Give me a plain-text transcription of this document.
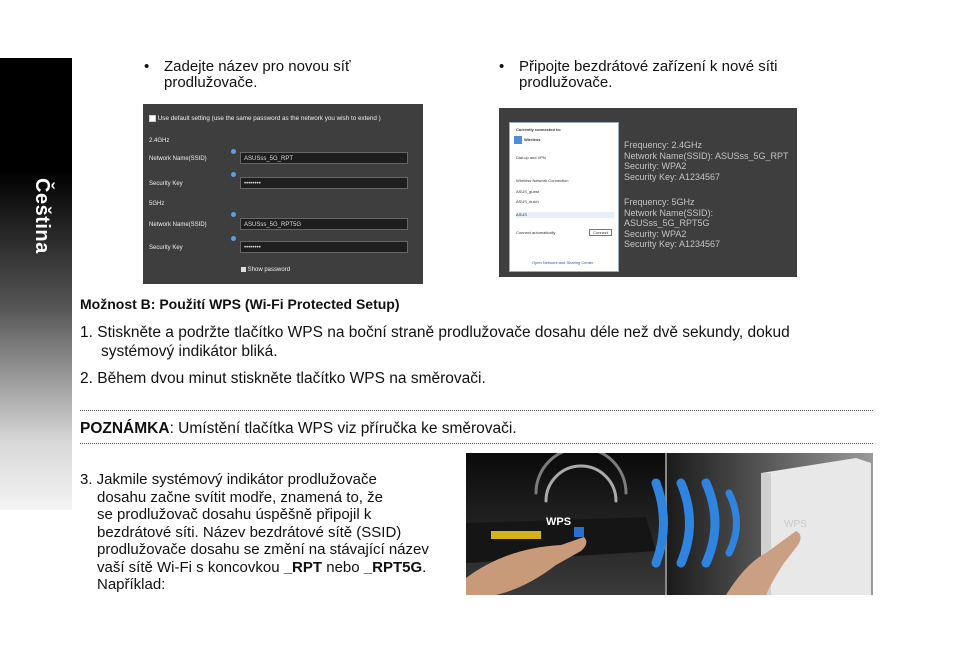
Čeština
• Zadejte název pro novou síť
prodlužovače.
• Připojte bezdrátové zařízení k nové síti
prodlužovače.
Use default setting (use the same password as the network you wish to extend )
2.4GHz
Network Name(SSID)	ASUSss_5G_RPT
Security Key	••••••••
5GHz
Network Name(SSID)	ASUSss_5G_RPT5G
Security Key	••••••••
Show password
Currently connected to:
Wireless
Dial-up and VPN
Wireless Network Connection
ASUS_guest
ASUS_dulch
ASUS
Connect automatically	Connect
Open Network and Sharing Center
Frequency: 2.4GHz
Network Name(SSID): ASUSss_5G_RPT
Security: WPA2
Security Key: A1234567
Frequency: 5GHz
Network Name(SSID): ASUSss_5G_RPT5G
Security: WPA2
Security Key: A1234567
Možnost B: Použití WPS (Wi-Fi Protected Setup)
1. Stiskněte a podržte tlačítko WPS na boční straně prodlužovače dosahu déle než dvě sekundy, dokud
systémový indikátor bliká.
2. Během dvou minut stiskněte tlačítko WPS na směrovači.
POZNÁMKA: Umístění tlačítka WPS viz příručka ke směrovači.
3. Jakmile systémový indikátor prodlužovače
dosahu začne svítit modře, znamená to, že
se prodlužovač dosahu úspěšně připojil k
bezdrátové síti. Název bezdrátové sítě (SSID)
prodlužovače dosahu se změní na stávající název
vaší sítě Wi-Fi s koncovkou _RPT nebo _RPT5G.
Například:
WPS	WPS
